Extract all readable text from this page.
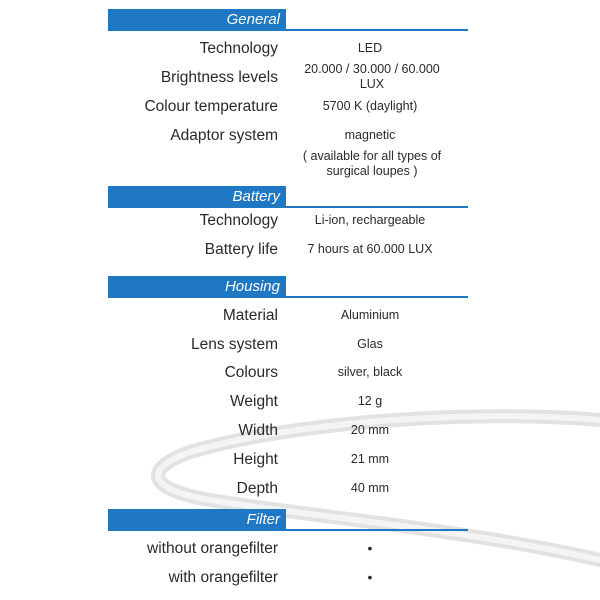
General
Technology	LED
Brightness levels	20.000 / 30.000 / 60.000 LUX
Colour temperature	5700 K (daylight)
Adaptor system	magnetic
( available for all types of surgical loupes )
Battery
Technology	Li-ion, rechargeable
Battery life	7 hours at 60.000 LUX
Housing
Material	Aluminium
Lens system	Glas
Colours	silver, black
Weight	12 g
Width	20 mm
Height	21 mm
Depth	40 mm
Filter
without orangefilter	•
with orangefilter	•
